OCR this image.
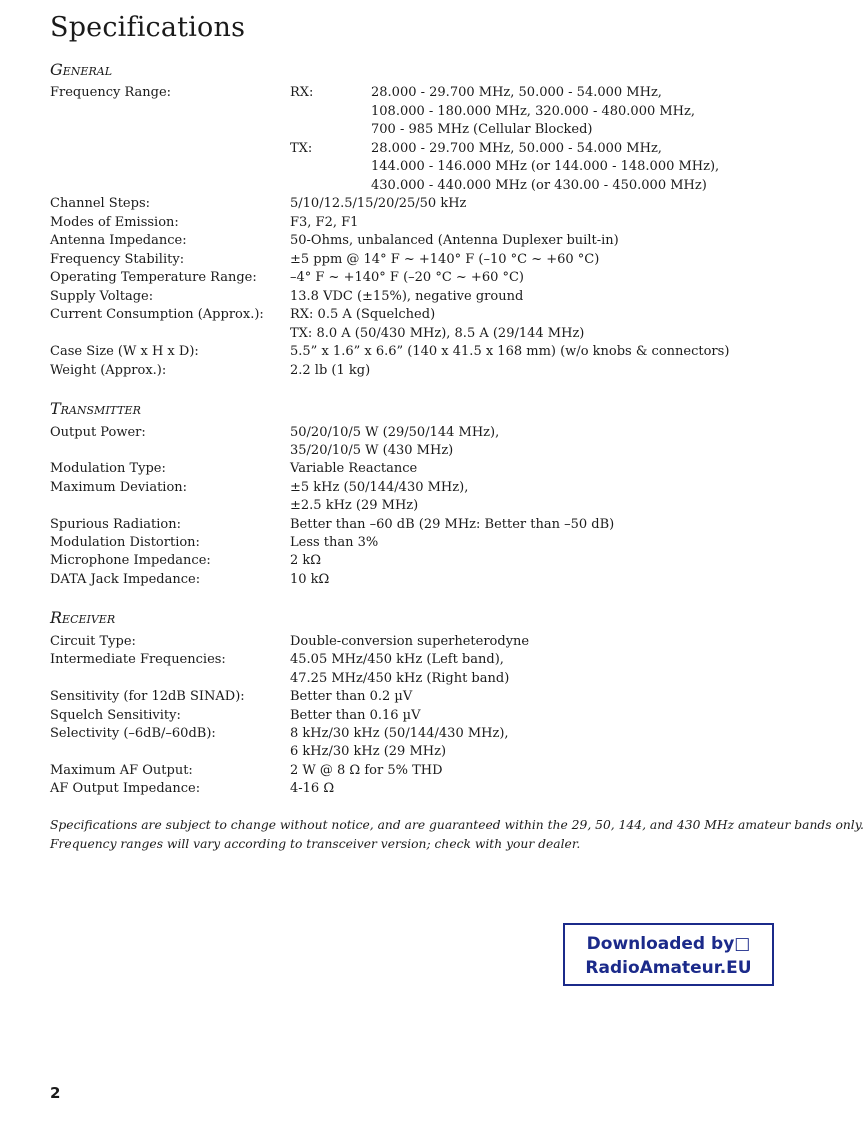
Specifications
General
Frequency Range:	RX:	28.000 - 29.700 MHz, 50.000 - 54.000 MHz,
108.000 - 180.000 MHz, 320.000 - 480.000 MHz,
700 - 985 MHz (Cellular Blocked)
TX:	28.000 - 29.700 MHz, 50.000 - 54.000 MHz,
144.000 - 146.000 MHz (or 144.000 - 148.000 MHz),
430.000 - 440.000 MHz (or 430.00 - 450.000 MHz)
Channel Steps:	5/10/12.5/15/20/25/50 kHz
Modes of Emission:	F3, F2, F1
Antenna Impedance:	50-Ohms, unbalanced (Antenna Duplexer built-in)
Frequency Stability:	±5 ppm @ 14° F ~ +140° F (–10 °C ~ +60 °C)
Operating Temperature Range:	–4° F ~ +140° F (–20 °C ~ +60 °C)
Supply Voltage:	13.8 VDC (±15%), negative ground
Current Consumption (Approx.): RX: 0.5 A (Squelched)
TX: 8.0 A (50/430 MHz), 8.5 A (29/144 MHz)
Case Size (W x H x D):	5.5” x 1.6” x 6.6” (140 x 41.5 x 168 mm) (w/o knobs & connectors)
Weight (Approx.):	2.2 lb (1 kg)
Transmitter
Output Power:	50/20/10/5 W (29/50/144 MHz),
35/20/10/5 W (430 MHz)
Modulation Type:	Variable Reactance
Maximum Deviation:	±5 kHz (50/144/430 MHz),
±2.5 kHz (29 MHz)
Spurious Radiation:	Better than –60 dB (29 MHz: Better than –50 dB)
Modulation Distortion:	Less than 3%
Microphone Impedance:	2 kΩ
DATA Jack Impedance:	10 kΩ
Receiver
Circuit Type:	Double-conversion superheterodyne
Intermediate Frequencies:	45.05 MHz/450 kHz (Left band),
47.25 MHz/450 kHz (Right band)
Sensitivity (for 12dB SINAD):	Better than 0.2 µV
Squelch Sensitivity:	Better than 0.16 µV
Selectivity (–6dB/–60dB):	8 kHz/30 kHz (50/144/430 MHz),
6 kHz/30 kHz (29 MHz)
Maximum AF Output:	2 W @ 8 Ω for 5% THD
AF Output Impedance:	4-16 Ω
Specifications are subject to change without notice, and are guaranteed within the 29, 50, 144, and 430 MHz amateur bands only.
Frequency ranges will vary according to transceiver version; check with your dealer.
Downloaded by□
RadioAmateur.EU
2
